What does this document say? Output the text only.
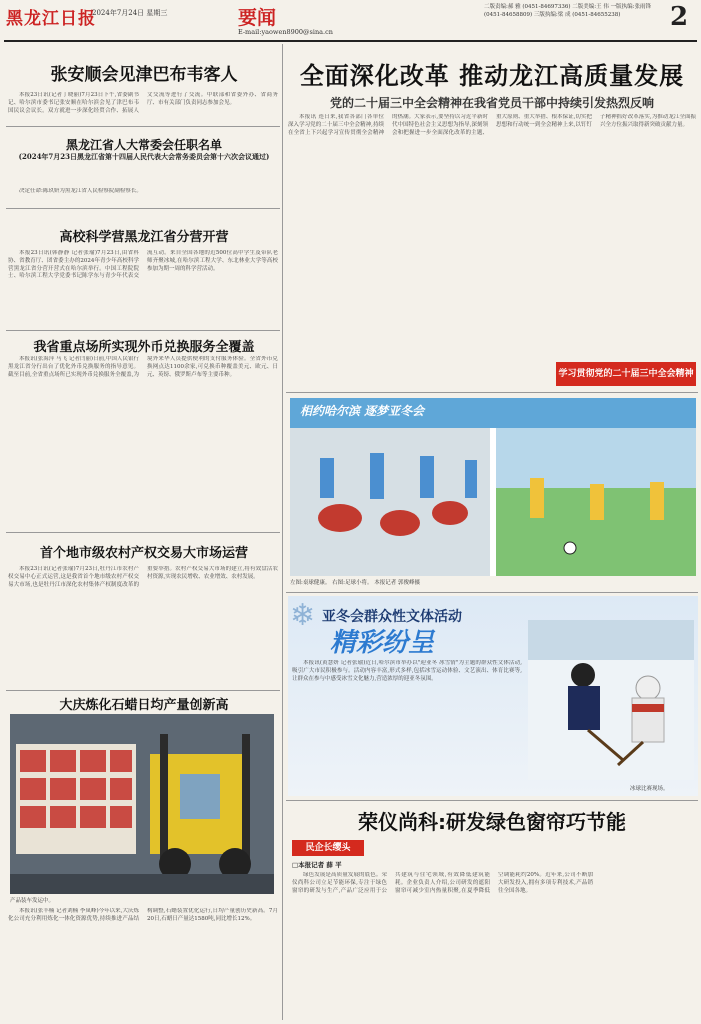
黑龙江日报
2024年7月24日 星期三	要闻
E-mail:yaowen8900@sina.cn
二版责编:郝 雅 (0451-84697336) 二版美编:王 伟 一版执编:张雨锋 (0451-84658809) 三版执编:梁 成 (0451-84655238)	2
张安顺会见津巴布韦客人

本报23日讯(记者丁晓丽)7月23日下午,省委副书记、哈尔滨市委书记张安顺在哈尔滨会见了津巴布韦国民议会议长。双方就进一步深化经贸合作、拓展人文交流等进行了交流。中联部和省委外办、省商务厅、市有关部门负责同志参加会见。

黑龙江省人大常委会任职名单
(2024年7月23日黑龙江省第十四届人民代表大会常务委员会第十六次会议通过)

决定任命:陈玖妍为黑龙江省人民检察院副检察长。

高校科学营黑龙江省分营开营

本报23日讯(韩静静 记者张瑜)7月23日,由省科协、省教育厅、团省委主办的2024年青少年高校科学营黑龙江省分营开营式在哈尔滨举行。中国工程院院士、哈尔滨工程大学党委书记陈学东与青少年代表交流互动。来自全国各地的近500位高中学生及带队老师齐聚冰城,在哈尔滨工程大学、东北林业大学等高校参加为期一周的科学营活动。

我省重点场所实现外币兑换服务全覆盖

本报讯(张海萍 马飞 记者闫丽)日前,中国人民银行黑龙江省分行出台了优化外币兑换服务的指导意见。截至目前,全省重点场所已实现外币兑换服务全覆盖,为境外来华人员提供便利的支付服务体验。全省外币兑换网点达1100余家,可兑换币种覆盖美元、欧元、日元、英镑、俄罗斯卢布等主要币种。

首个地市级农村产权交易大市场运营

本报23日讯(记者张瑜)7月23日,牡丹江市农村产权交易中心正式运营,这是我省首个地市级农村产权交易大市场,也是牡丹江市深化农村集体产权制度改革的重要举措。农村产权交易大市场的建立,将有效盘活农村资源,实现农民增收、农业增效、农村发展。

大庆炼化石蜡日均产量创新高
产品装车发运中。

本报讯(张丰楠 记者刘楠 李岚峰)今年以来,大庆炼化公司充分利用炼化一体化资源优势,持续推进产品结构调整,石蜡装置优化运行,日均产量创历史新高。7月20日,石蜡日产量达1580吨,同比增长12%。

全面深化改革 推动龙江高质量发展
党的二十届三中全会精神在我省党员干部中持续引发热烈反响

本报讯 连日来,我省各部门各单位深入学习党的二十届三中全会精神,持续在全省上下兴起学习宣传贯彻全会精神的热潮。大家表示,要坚持以习近平新时代中国特色社会主义思想为指导,深刻领会和把握进一步全面深化改革的主题、重大原则、重大举措、根本保证,切实把思想和行动统一到全会精神上来,以钉钉子精神抓好改革落实,为推动龙江全面振兴全方位振兴取得新突破贡献力量。

学习贯彻党的二十届三中全会精神
相约哈尔滨 逐梦亚冬会
左图:桌球健康。 右图:足球小将。 本报记者 郭俊峰摄
❄ 亚冬会群众性文体活动
精彩纷呈

本报讯(黄慧妍 记者张瑜)近日,哈尔滨市举办以"迎亚冬 冰雪情"为主题的群众性文体活动,吸引广大市民积极参与。活动内容丰富,形式多样,包括冰雪运动体验、文艺演出、体育比赛等,让群众在参与中感受冰雪文化魅力,营造浓厚的迎亚冬氛围。

冰球比赛现场。
荣仪尚科:研发绿色窗帘巧节能
民企长缨头
□本报记者 薛 平

绿色发展是高质量发展的底色。荣仪尚科公司立足节能环保,专注于绿色窗帘的研发与生产,产品广泛应用于公共建筑与住宅领域,有效降低建筑能耗。企业负责人介绍,公司研发的遮阳窗帘可减少室内热量积聚,在夏季降低空调能耗约20%。近年来,公司不断加大研发投入,拥有多项专利技术,产品销往全国各地。
